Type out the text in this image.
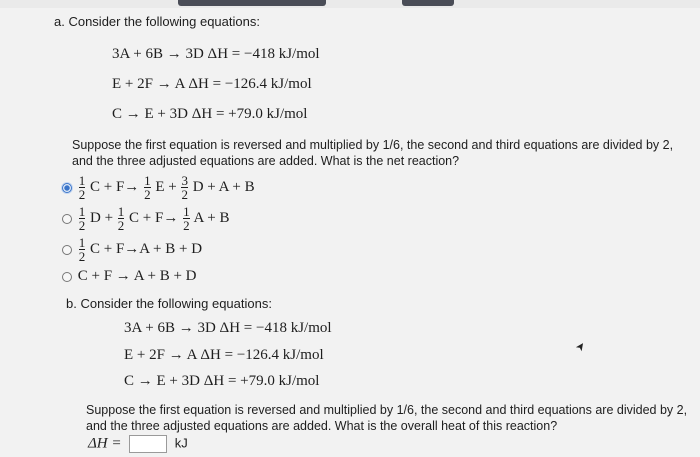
a. Consider the following equations:
3A + 6B → 3D ΔH = −418 kJ/mol
E + 2F → A ΔH = −126.4 kJ/mol
C → E + 3D ΔH = +79.0 kJ/mol
Suppose the first equation is reversed and multiplied by 1/6, the second and third equations are divided by 2, and the three adjusted equations are added. What is the net reaction?

$\frac{1}{2}$ $C + F\to \frac{1}{2}$ $E + \frac{3}{2}$ D + A + B

$\frac{1}{2}$ $D + \frac{1}{2}$ $C + F\to \frac{1}{2}$ A + B

$\frac{1}{2}$ C + F→A + B + D
C + F → A + B + D
b. Consider the following equations:
3A + 6B → 3D ΔH = −418 kJ/mol
E + 2F → A ΔH = −126.4 kJ/mol
C → E + 3D ΔH = +79.0 kJ/mol
➤
Suppose the first equation is reversed and multiplied by 1/6, the second and third equations are divided by 2, and the three adjusted equations are added. What is the overall heat of this reaction?
ΔH =	kJ
